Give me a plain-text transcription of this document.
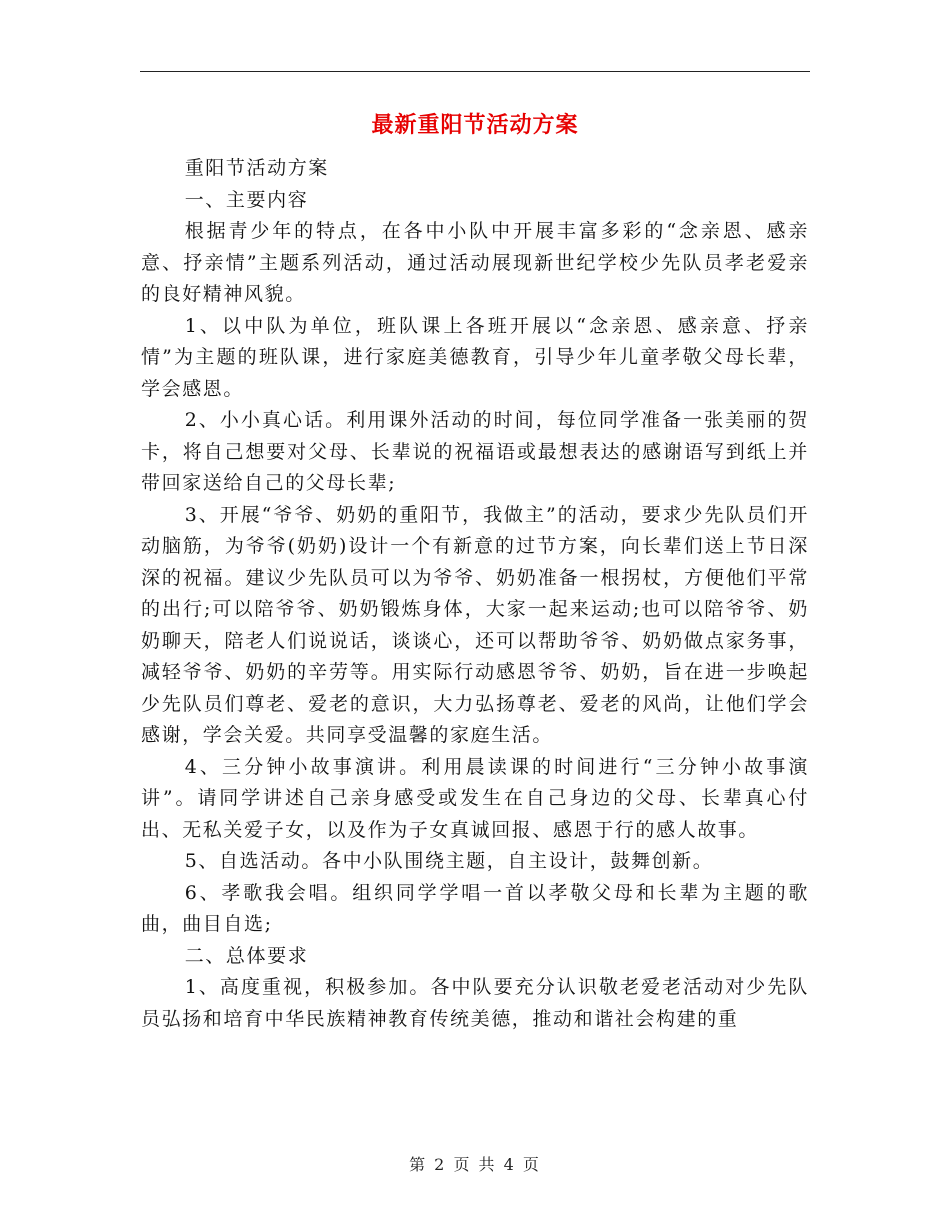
最新重阳节活动方案

重阳节活动方案

一、主要内容

根据青少年的特点，在各中小队中开展丰富多彩的“念亲恩、感亲意、抒亲情”主题系列活动，通过活动展现新世纪学校少先队员孝老爱亲的良好精神风貌。

1、以中队为单位，班队课上各班开展以“念亲恩、感亲意、抒亲情”为主题的班队课，进行家庭美德教育，引导少年儿童孝敬父母长辈，学会感恩。

2、小小真心话。利用课外活动的时间，每位同学准备一张美丽的贺卡，将自己想要对父母、长辈说的祝福语或最想表达的感谢语写到纸上并带回家送给自己的父母长辈;

3、开展“爷爷、奶奶的重阳节，我做主”的活动，要求少先队员们开动脑筋，为爷爷(奶奶)设计一个有新意的过节方案，向长辈们送上节日深深的祝福。建议少先队员可以为爷爷、奶奶准备一根拐杖，方便他们平常的出行;可以陪爷爷、奶奶锻炼身体，大家一起来运动;也可以陪爷爷、奶奶聊天，陪老人们说说话，谈谈心，还可以帮助爷爷、奶奶做点家务事，减轻爷爷、奶奶的辛劳等。用实际行动感恩爷爷、奶奶，旨在进一步唤起少先队员们尊老、爱老的意识，大力弘扬尊老、爱老的风尚，让他们学会感谢，学会关爱。共同享受温馨的家庭生活。

4、三分钟小故事演讲。利用晨读课的时间进行“三分钟小故事演讲”。请同学讲述自己亲身感受或发生在自己身边的父母、长辈真心付出、无私关爱子女，以及作为子女真诚回报、感恩于行的感人故事。

5、自选活动。各中小队围绕主题，自主设计，鼓舞创新。

6、孝歌我会唱。组织同学学唱一首以孝敬父母和长辈为主题的歌曲，曲目自选;

二、总体要求

1、高度重视，积极参加。各中队要充分认识敬老爱老活动对少先队员弘扬和培育中华民族精神教育传统美德，推动和谐社会构建的重

第 2 页 共 4 页
